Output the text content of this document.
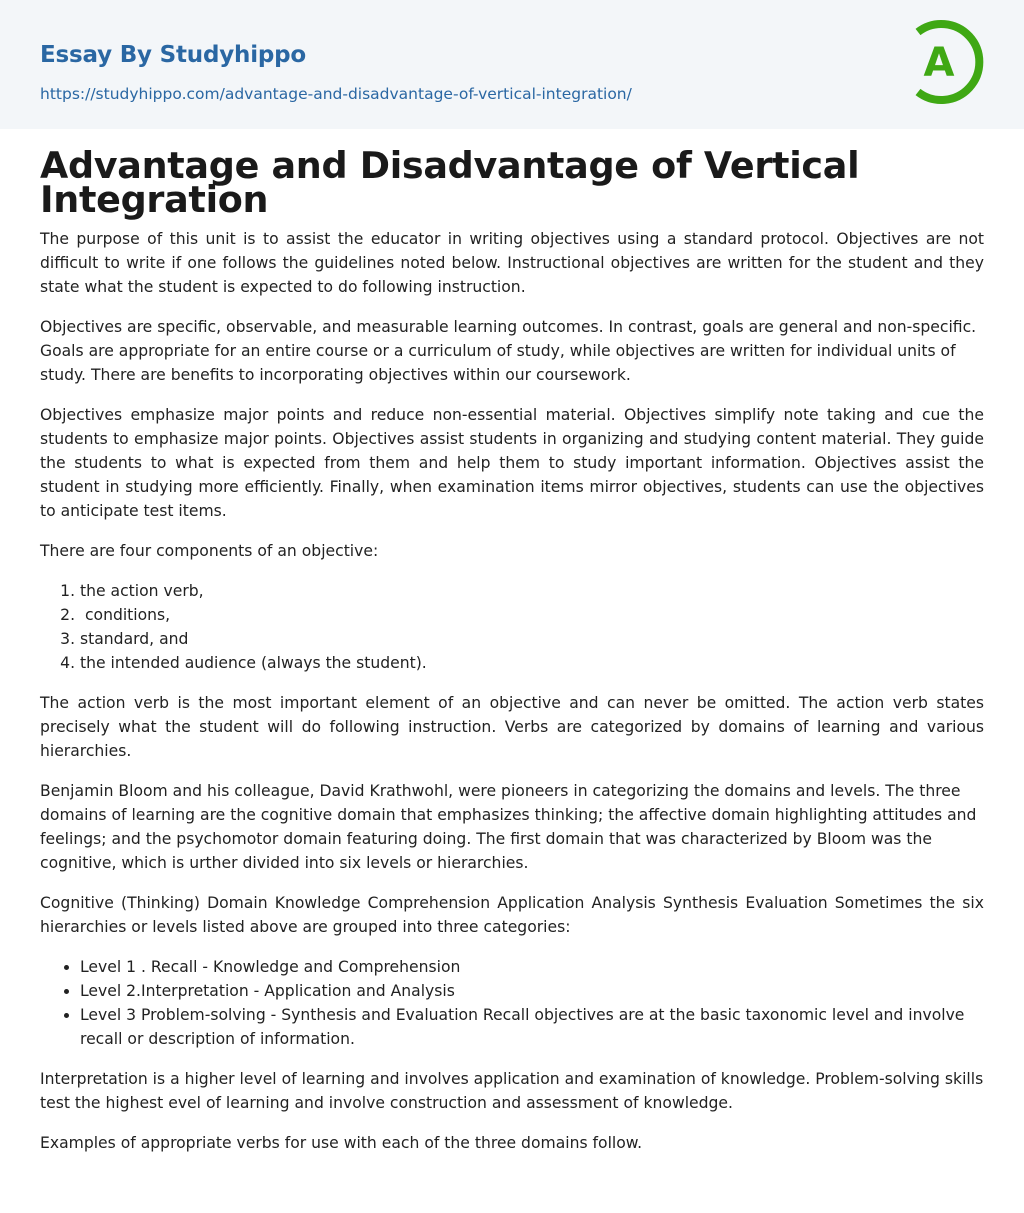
Essay By Studyhippo
https://studyhippo.com/advantage-and-disadvantage-of-vertical-integration/
A
Advantage and Disadvantage of Vertical Integration

The purpose of this unit is to assist the educator in writing objectives using a standard protocol. Objectives are not difficult to write if one follows the guidelines noted below. Instructional objectives are written for the student and they state what the student is expected to do following instruction.

Objectives are specific, observable, and measurable learning outcomes. In contrast, goals are general and non-specific. Goals are appropriate for an entire course or a curriculum of study, while objectives are written for individual units of study. There are benefits to incorporating objectives within our coursework.

Objectives emphasize major points and reduce non-essential material. Objectives simplify note taking and cue the students to emphasize major points. Objectives assist students in organizing and studying content material. They guide the students to what is expected from them and help them to study important information. Objectives assist the student in studying more efficiently. Finally, when examination items mirror objectives, students can use the objectives to anticipate test items.

There are four components of an objective:

1. the action verb,
2.  conditions,
3. standard, and
4. the intended audience (always the student).

The action verb is the most important element of an objective and can never be omitted. The action verb states precisely what the student will do following instruction. Verbs are categorized by domains of learning and various hierarchies.

Benjamin Bloom and his colleague, David Krathwohl, were pioneers in categorizing the domains and levels. The three domains of learning are the cognitive domain that emphasizes thinking; the affective domain highlighting attitudes and feelings; and the psychomotor domain featuring doing. The first domain that was characterized by Bloom was the cognitive, which is urther divided into six levels or hierarchies.

Cognitive (Thinking) Domain Knowledge Comprehension Application Analysis Synthesis Evaluation Sometimes the six hierarchies or levels listed above are grouped into three categories:

• Level 1 . Recall - Knowledge and Comprehension
• Level 2.Interpretation - Application and Analysis
• Level 3 Problem-solving - Synthesis and Evaluation Recall objectives are at the basic taxonomic level and involve recall or description of information.

Interpretation is a higher level of learning and involves application and examination of knowledge. Problem-solving skills test the highest evel of learning and involve construction and assessment of knowledge.

Examples of appropriate verbs for use with each of the three domains follow.
